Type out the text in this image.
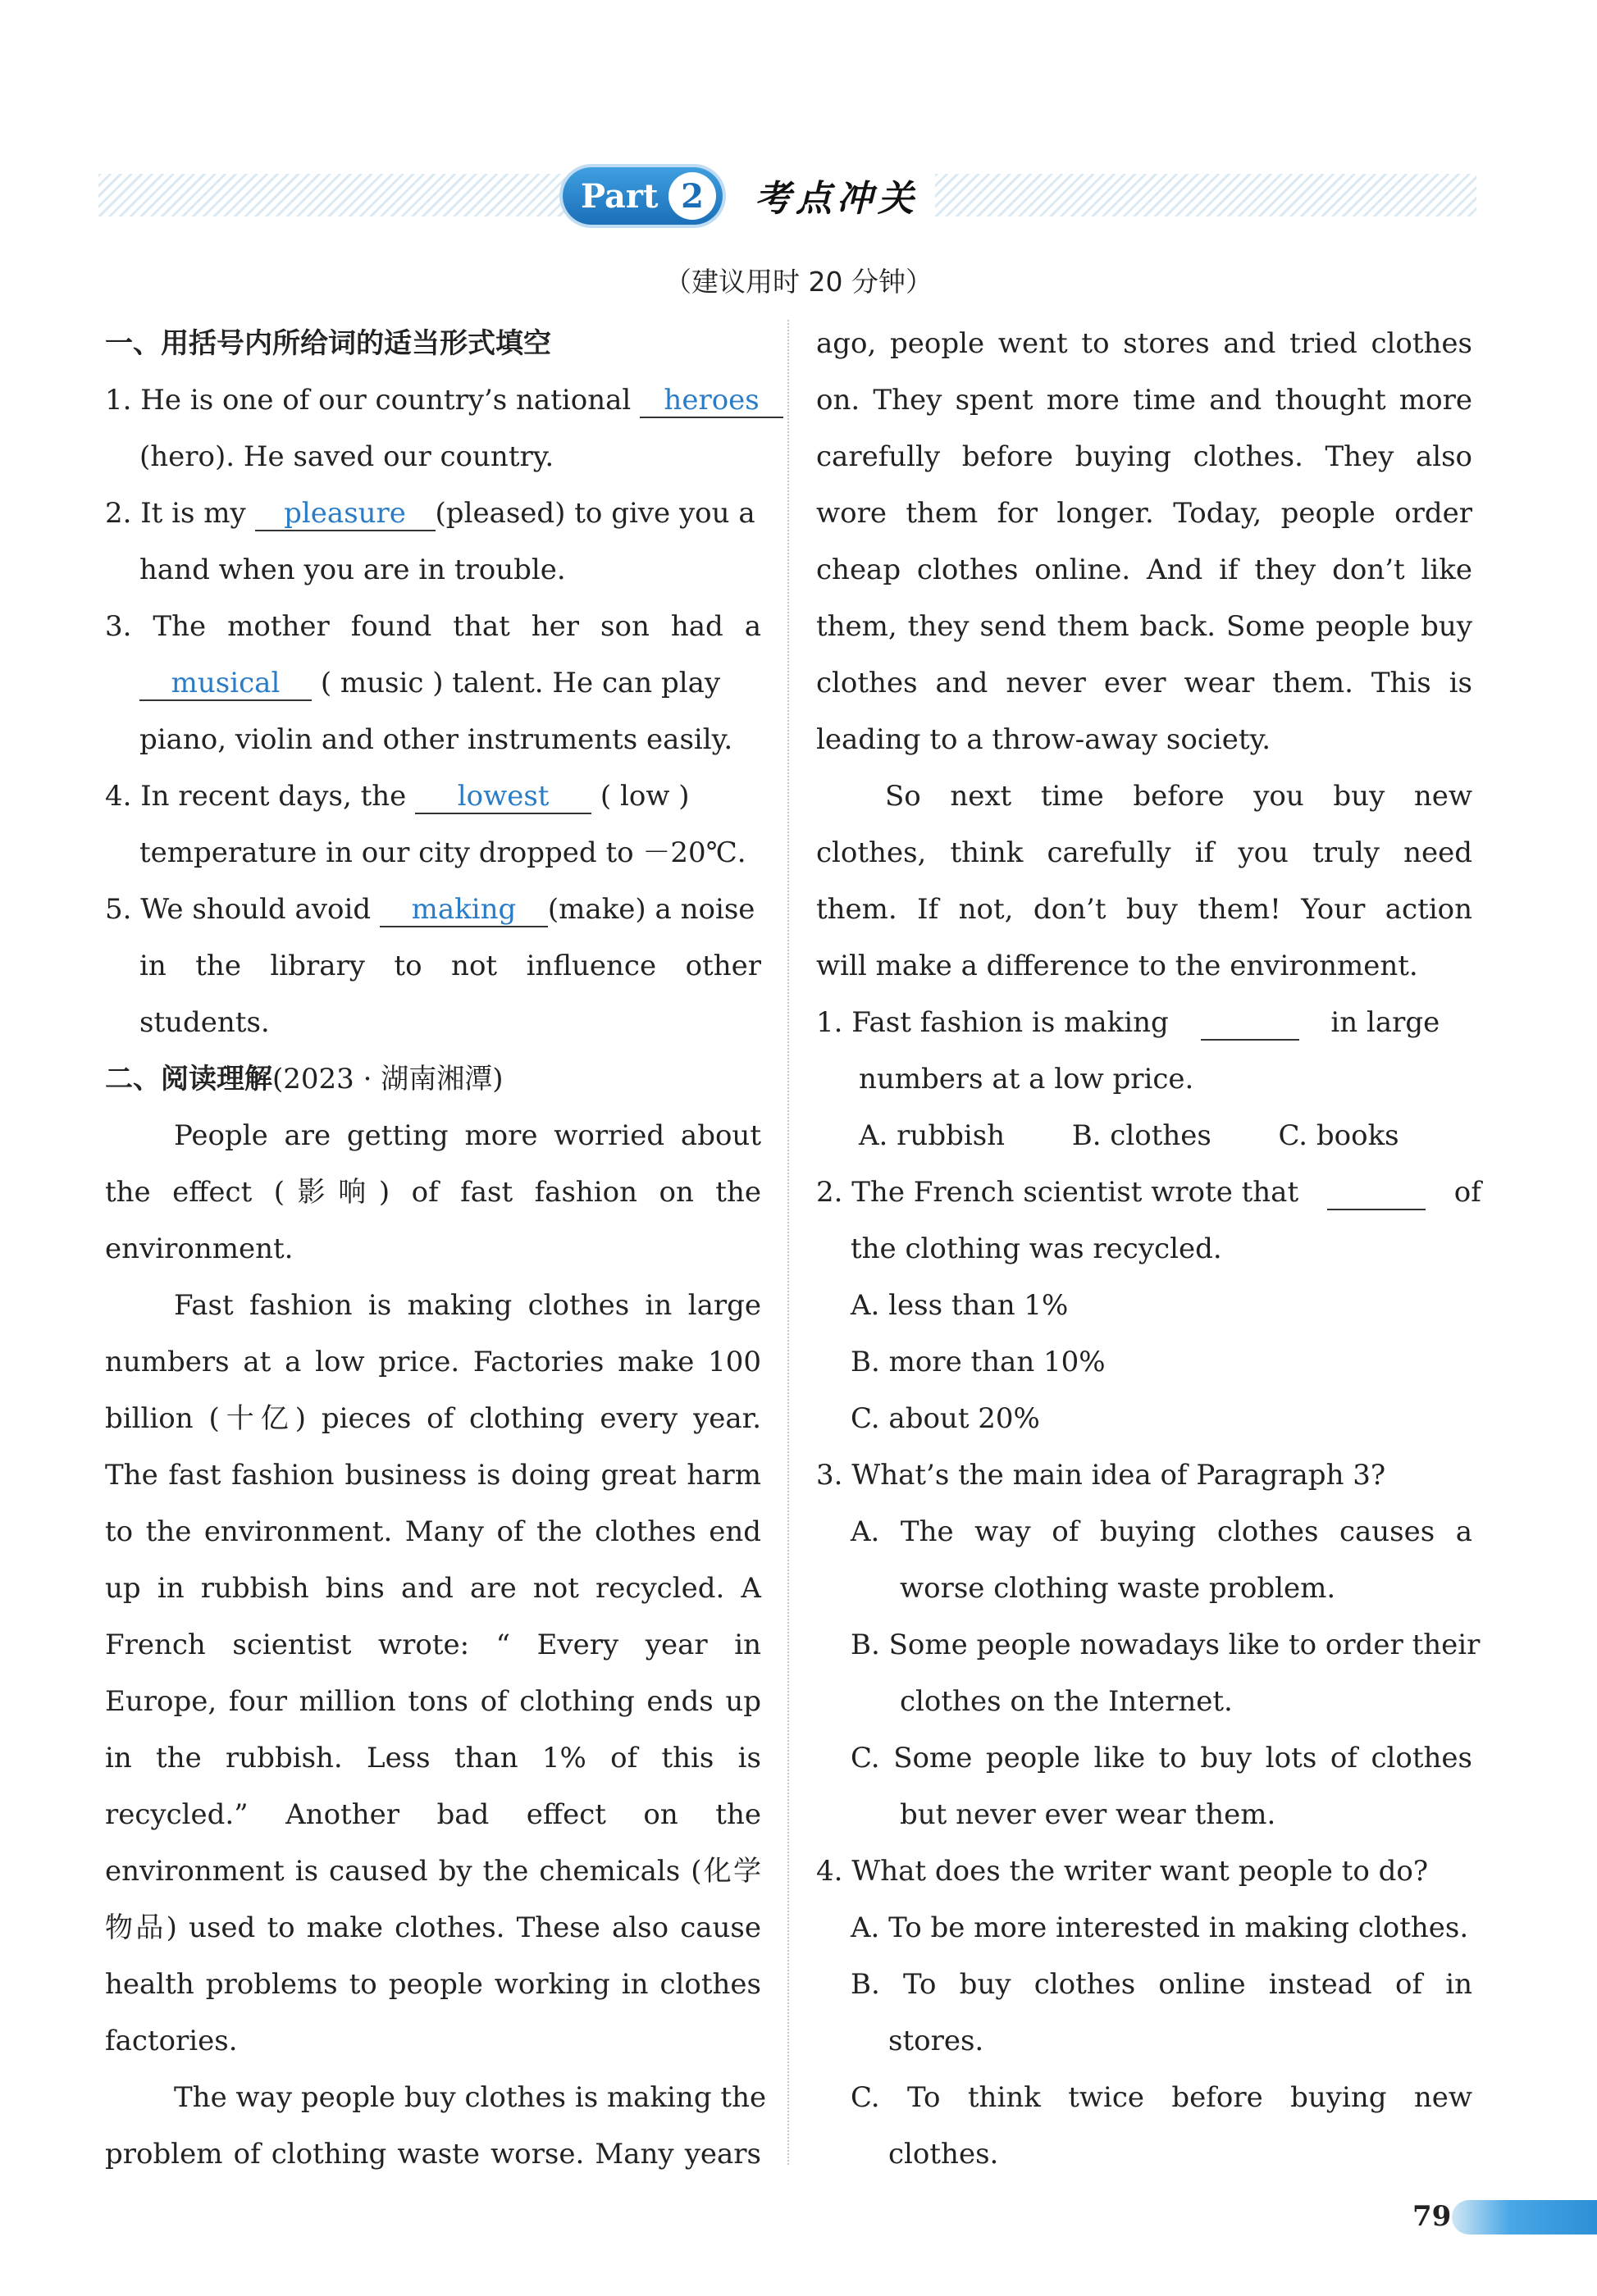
Part 2	考点冲关
（建议用时 20 分钟）
一、用括号内所给词的适当形式填空
1. He is one of our country’s national heroes
(hero). He saved our country.
2. It is my pleasure (pleased) to give you a
hand when you are in trouble.
3. The mother found that her son had a
musical ( music ) talent. He can play
piano, violin and other instruments easily.
4. In recent days, the lowest ( low )
temperature in our city dropped to －20℃.
5. We should avoid making (make) a noise
in the library to not influence other
students.
二、阅读理解(2023 · 湖南湘潭)
People are getting more worried about
the effect (影响) of fast fashion on the
environment.
Fast fashion is making clothes in large
numbers at a low price. Factories make 100
billion (十亿) pieces of clothing every year.
The fast fashion business is doing great harm
to the environment. Many of the clothes end
up in rubbish bins and are not recycled. A
French scientist wrote: “ Every year in
Europe, four million tons of clothing ends up
in the rubbish. Less than 1% of this is
recycled.” Another bad effect on the
environment is caused by the chemicals (化学
物品) used to make clothes. These also cause
health problems to people working in clothes
factories.
The way people buy clothes is making the
problem of clothing waste worse. Many years
ago, people went to stores and tried clothes
on. They spent more time and thought more
carefully before buying clothes. They also
wore them for longer. Today, people order
cheap clothes online. And if they don’t like
them, they send them back. Some people buy
clothes and never ever wear them. This is
leading to a throw-away society.
So next time before you buy new
clothes, think carefully if you truly need
them. If not, don’t buy them! Your action
will make a difference to the environment.
1. Fast fashion is making	in large
numbers at a low price.
A. rubbish B. clothes C. books
2. The French scientist wrote that	of
the clothing was recycled.
A. less than 1%
B. more than 10%
C. about 20%
3. What’s the main idea of Paragraph 3?
A. The way of buying clothes causes a
worse clothing waste problem.
B. Some people nowadays like to order their
clothes on the Internet.
C. Some people like to buy lots of clothes
but never ever wear them.
4. What does the writer want people to do?
A. To be more interested in making clothes.
B. To buy clothes online instead of in
stores.
C. To think twice before buying new
clothes.
79
